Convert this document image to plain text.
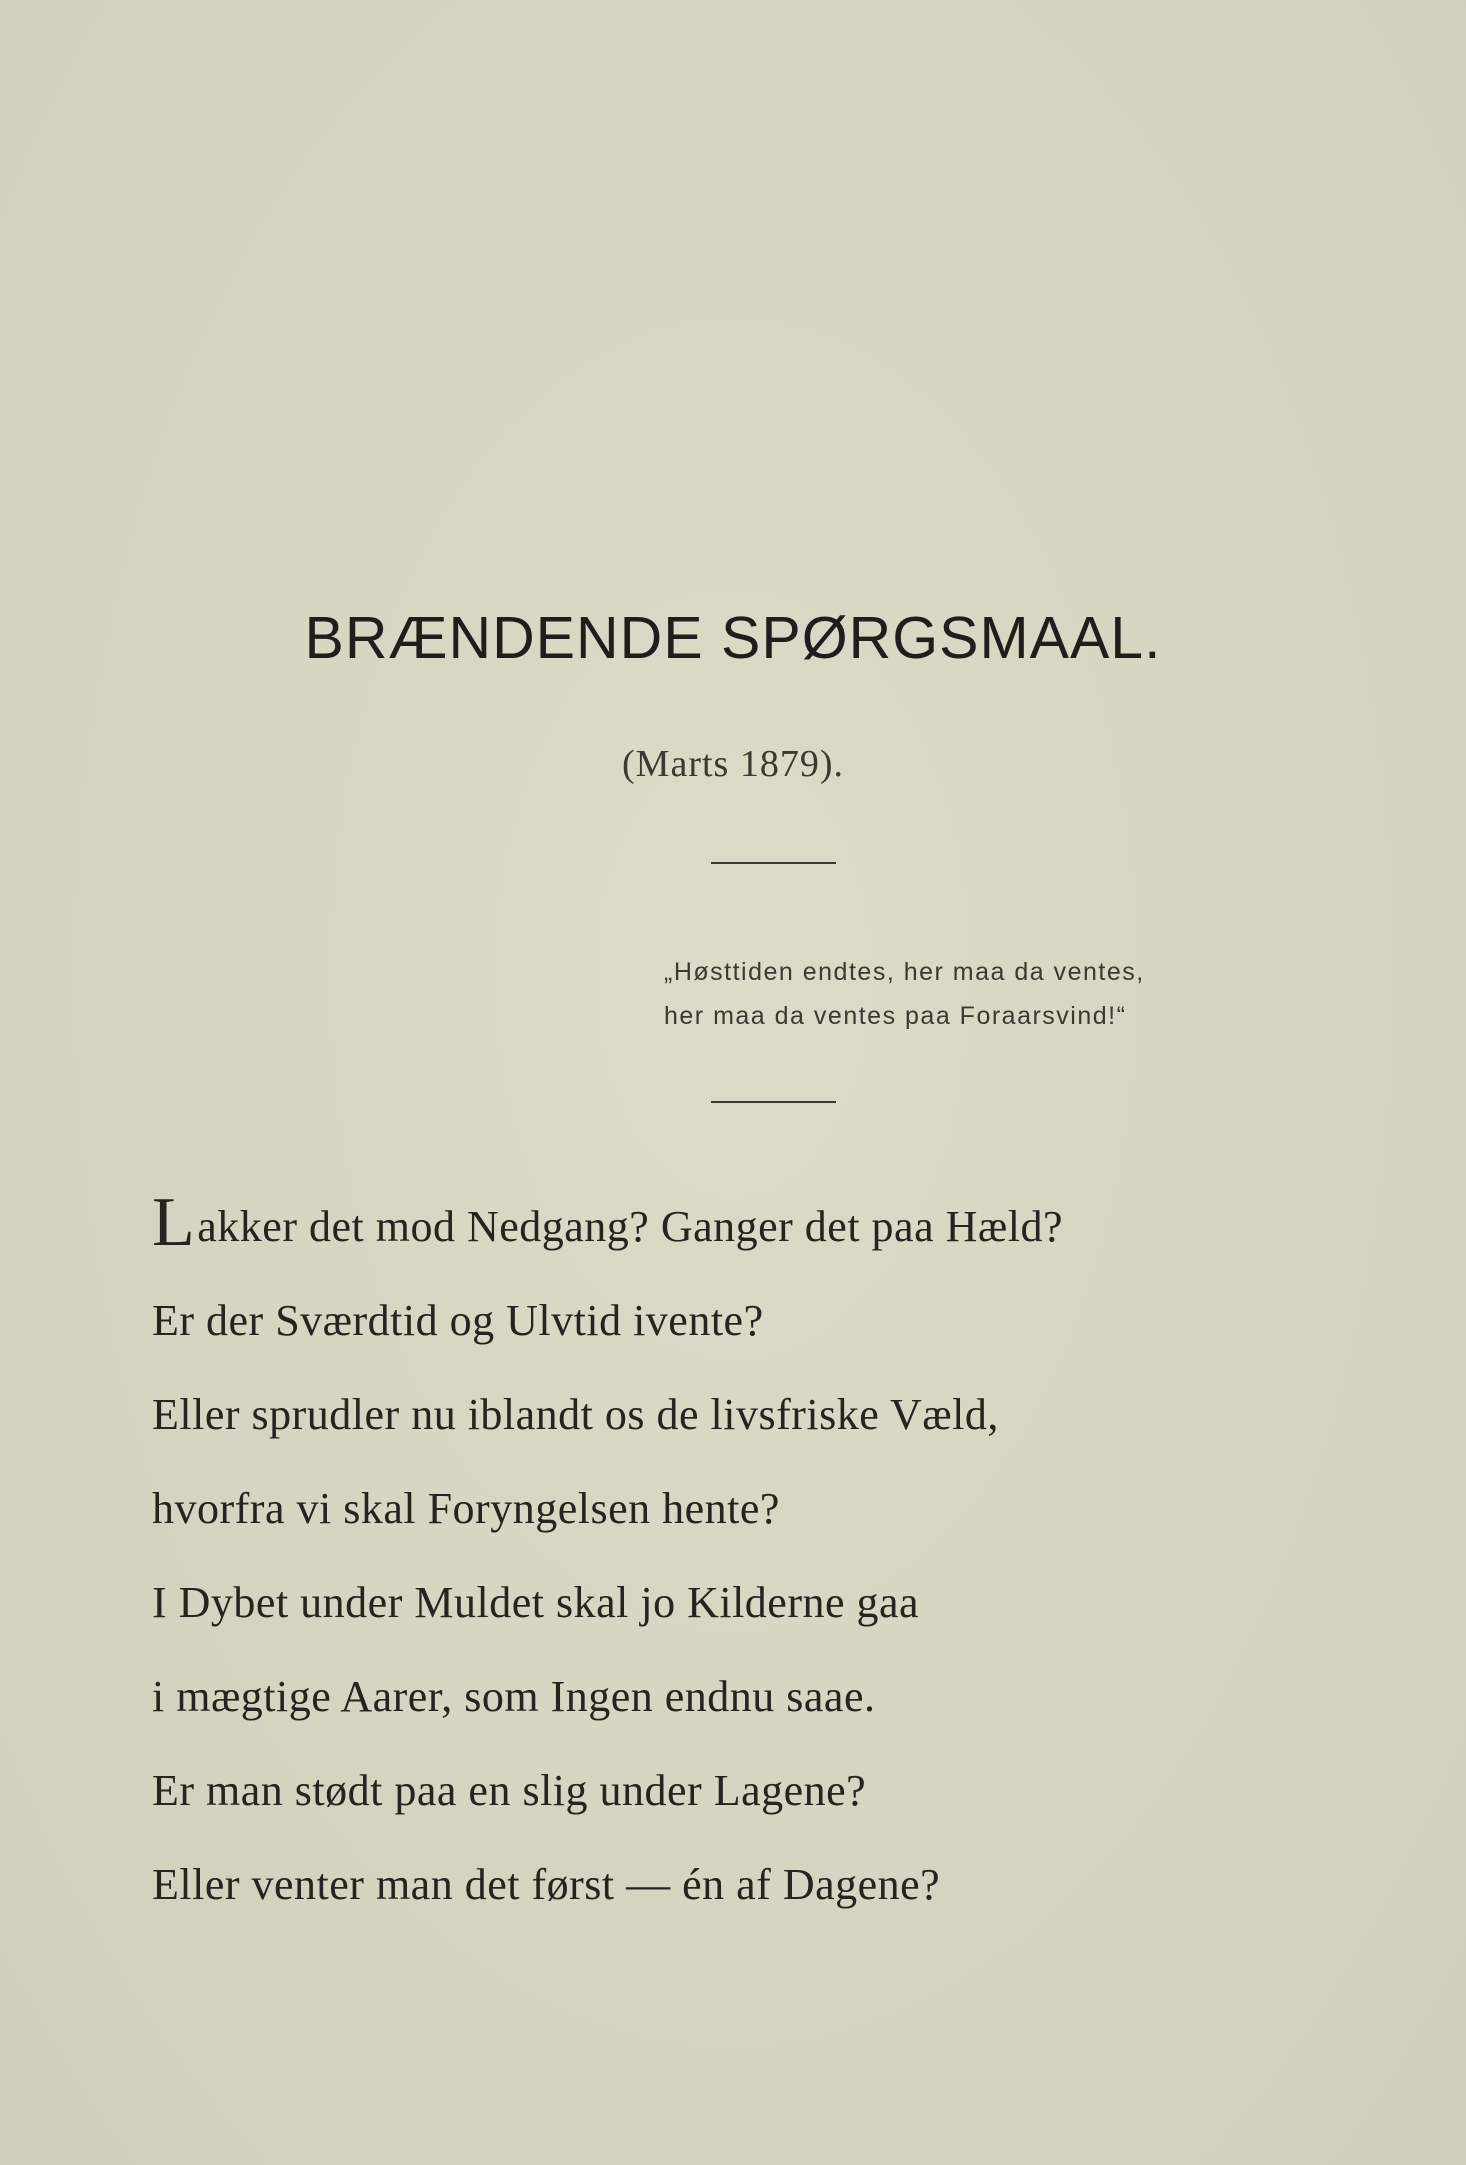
BRÆNDENDE SPØRGSMAAL.
(Marts 1879).
„Høsttiden endtes, her maa da ventes,
her maa da ventes paa Foraarsvind!“
Lakker det mod Nedgang? Ganger det paa Hæld?
Er der Sværdtid og Ulvtid ivente?
Eller sprudler nu iblandt os de livsfriske Væld,
hvorfra vi skal Foryngelsen hente?
I Dybet under Muldet skal jo Kilderne gaa
i mægtige Aarer, som Ingen endnu saae.
Er man stødt paa en slig under Lagene?
Eller venter man det først — én af Dagene?
